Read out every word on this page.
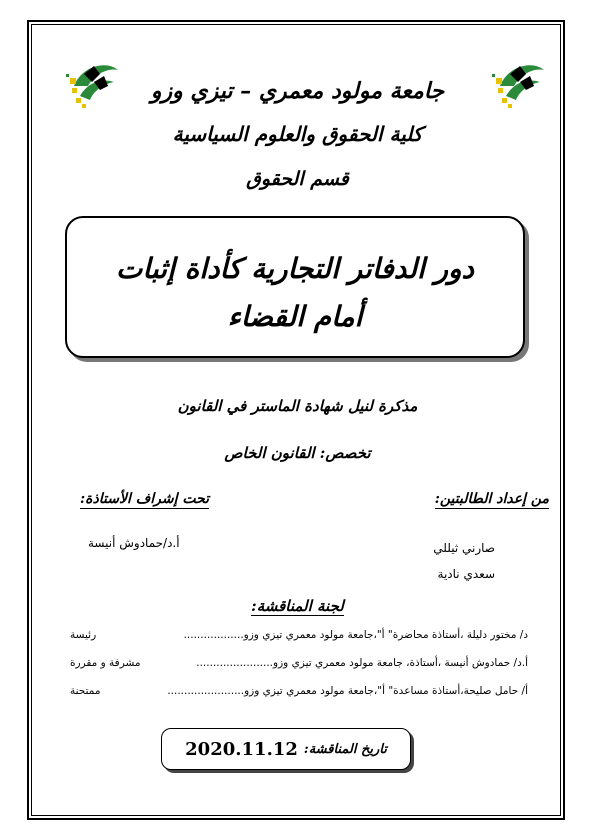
جامعة مولود معمري – تيزي وزو
كلية الحقوق والعلوم السياسية
قسم الحقوق
دور الدفاتر التجارية كأداة إثبات
أمام القضاء
مذكرة لنيل شهادة الماستر في القانون
تخصص: القانون الخاص
من إعداد الطالبتين:
تحت إشراف الأستاذة:
صارني ثيللي
سعدي نادية
أ.د/حمادوش أنيسة
لجنة المناقشة:
د/ مختور دليلة ،أستاذة محاضرة" أ"،جامعة مولود معمري تيزي وزو..................
رئيسة
أ.د/ حمادوش أنيسة ،أستاذة، جامعة مولود معمري تيزي وزو.......................
مشرفة و مقررة
أ/ حامل صليحة،أستاذة مساعدة" أ"،جامعة مولود معمري تيزي وزو.......................
ممتحنة
تاريخ المناقشة:
2020.11.12
